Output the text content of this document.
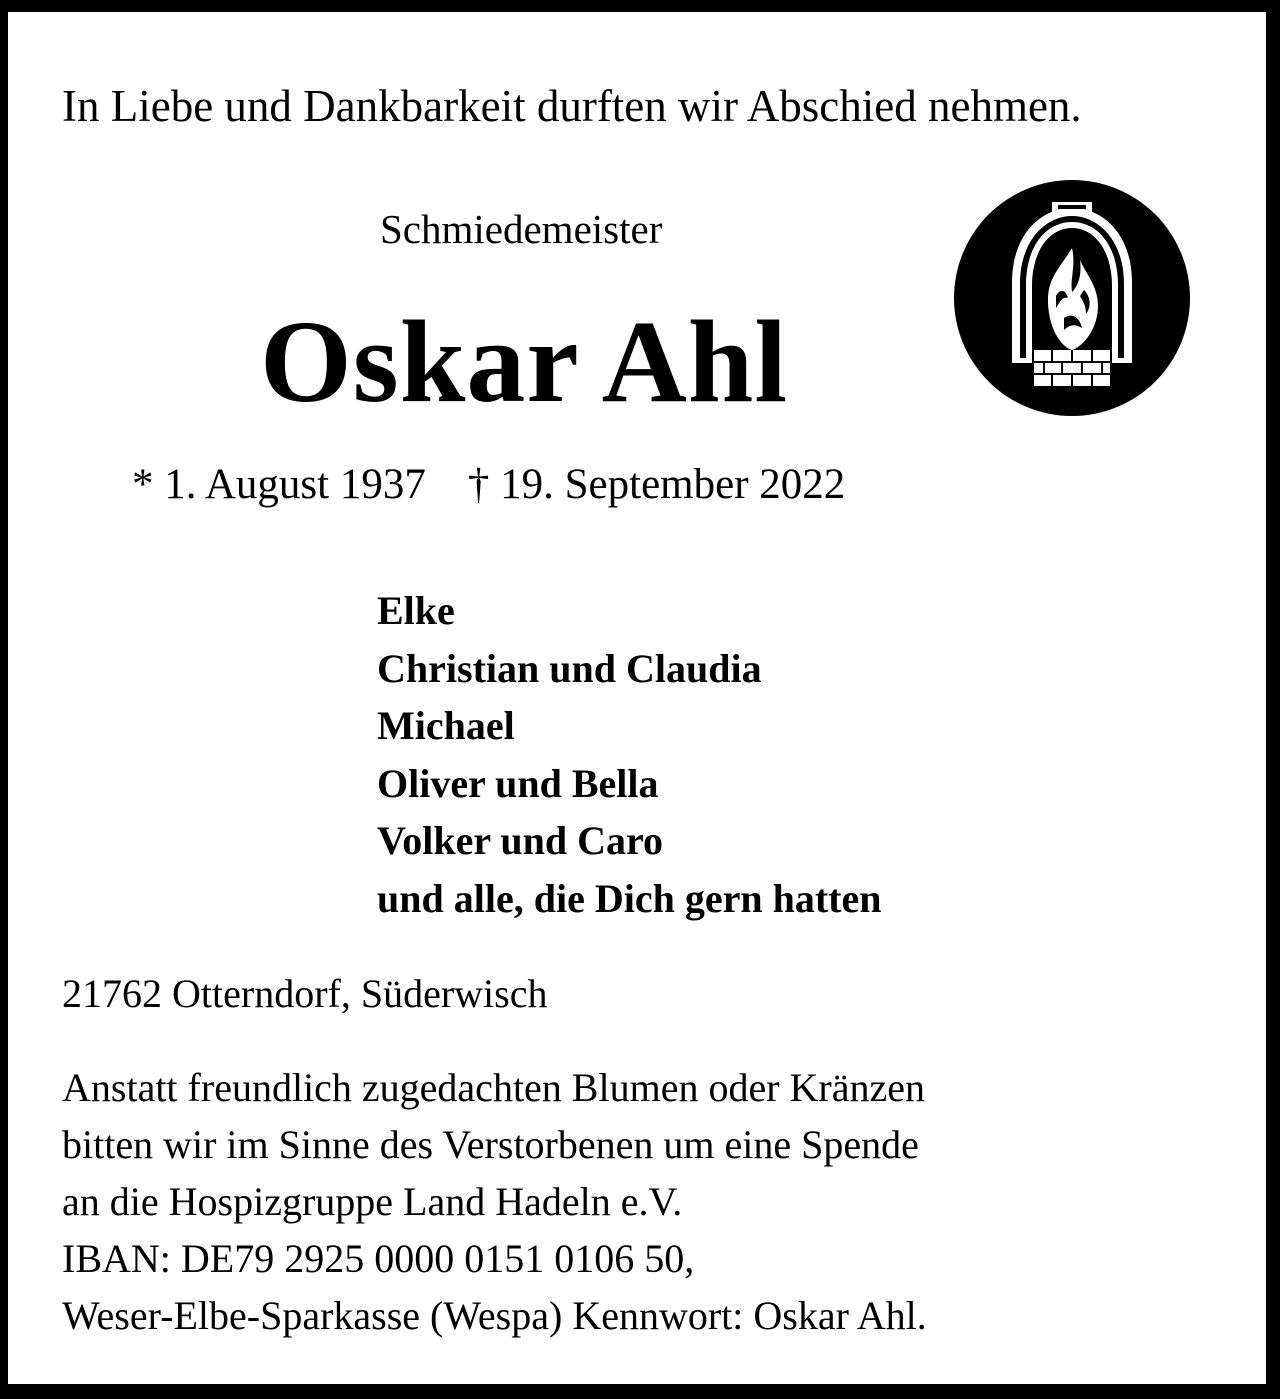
In Liebe und Dankbarkeit durften wir Abschied nehmen.
Schmiedemeister
Oskar Ahl
* 1. August 1937 † 19. September 2022
Elke
Christian und Claudia
Michael
Oliver und Bella
Volker und Caro
und alle, die Dich gern hatten
21762 Otterndorf, Süderwisch
Anstatt freundlich zugedachten Blumen oder Kränzen
bitten wir im Sinne des Verstorbenen um eine Spende
an die Hospizgruppe Land Hadeln e.V.
IBAN: DE79 2925 0000 0151 0106 50,
Weser-Elbe-Sparkasse (Wespa) Kennwort: Oskar Ahl.
